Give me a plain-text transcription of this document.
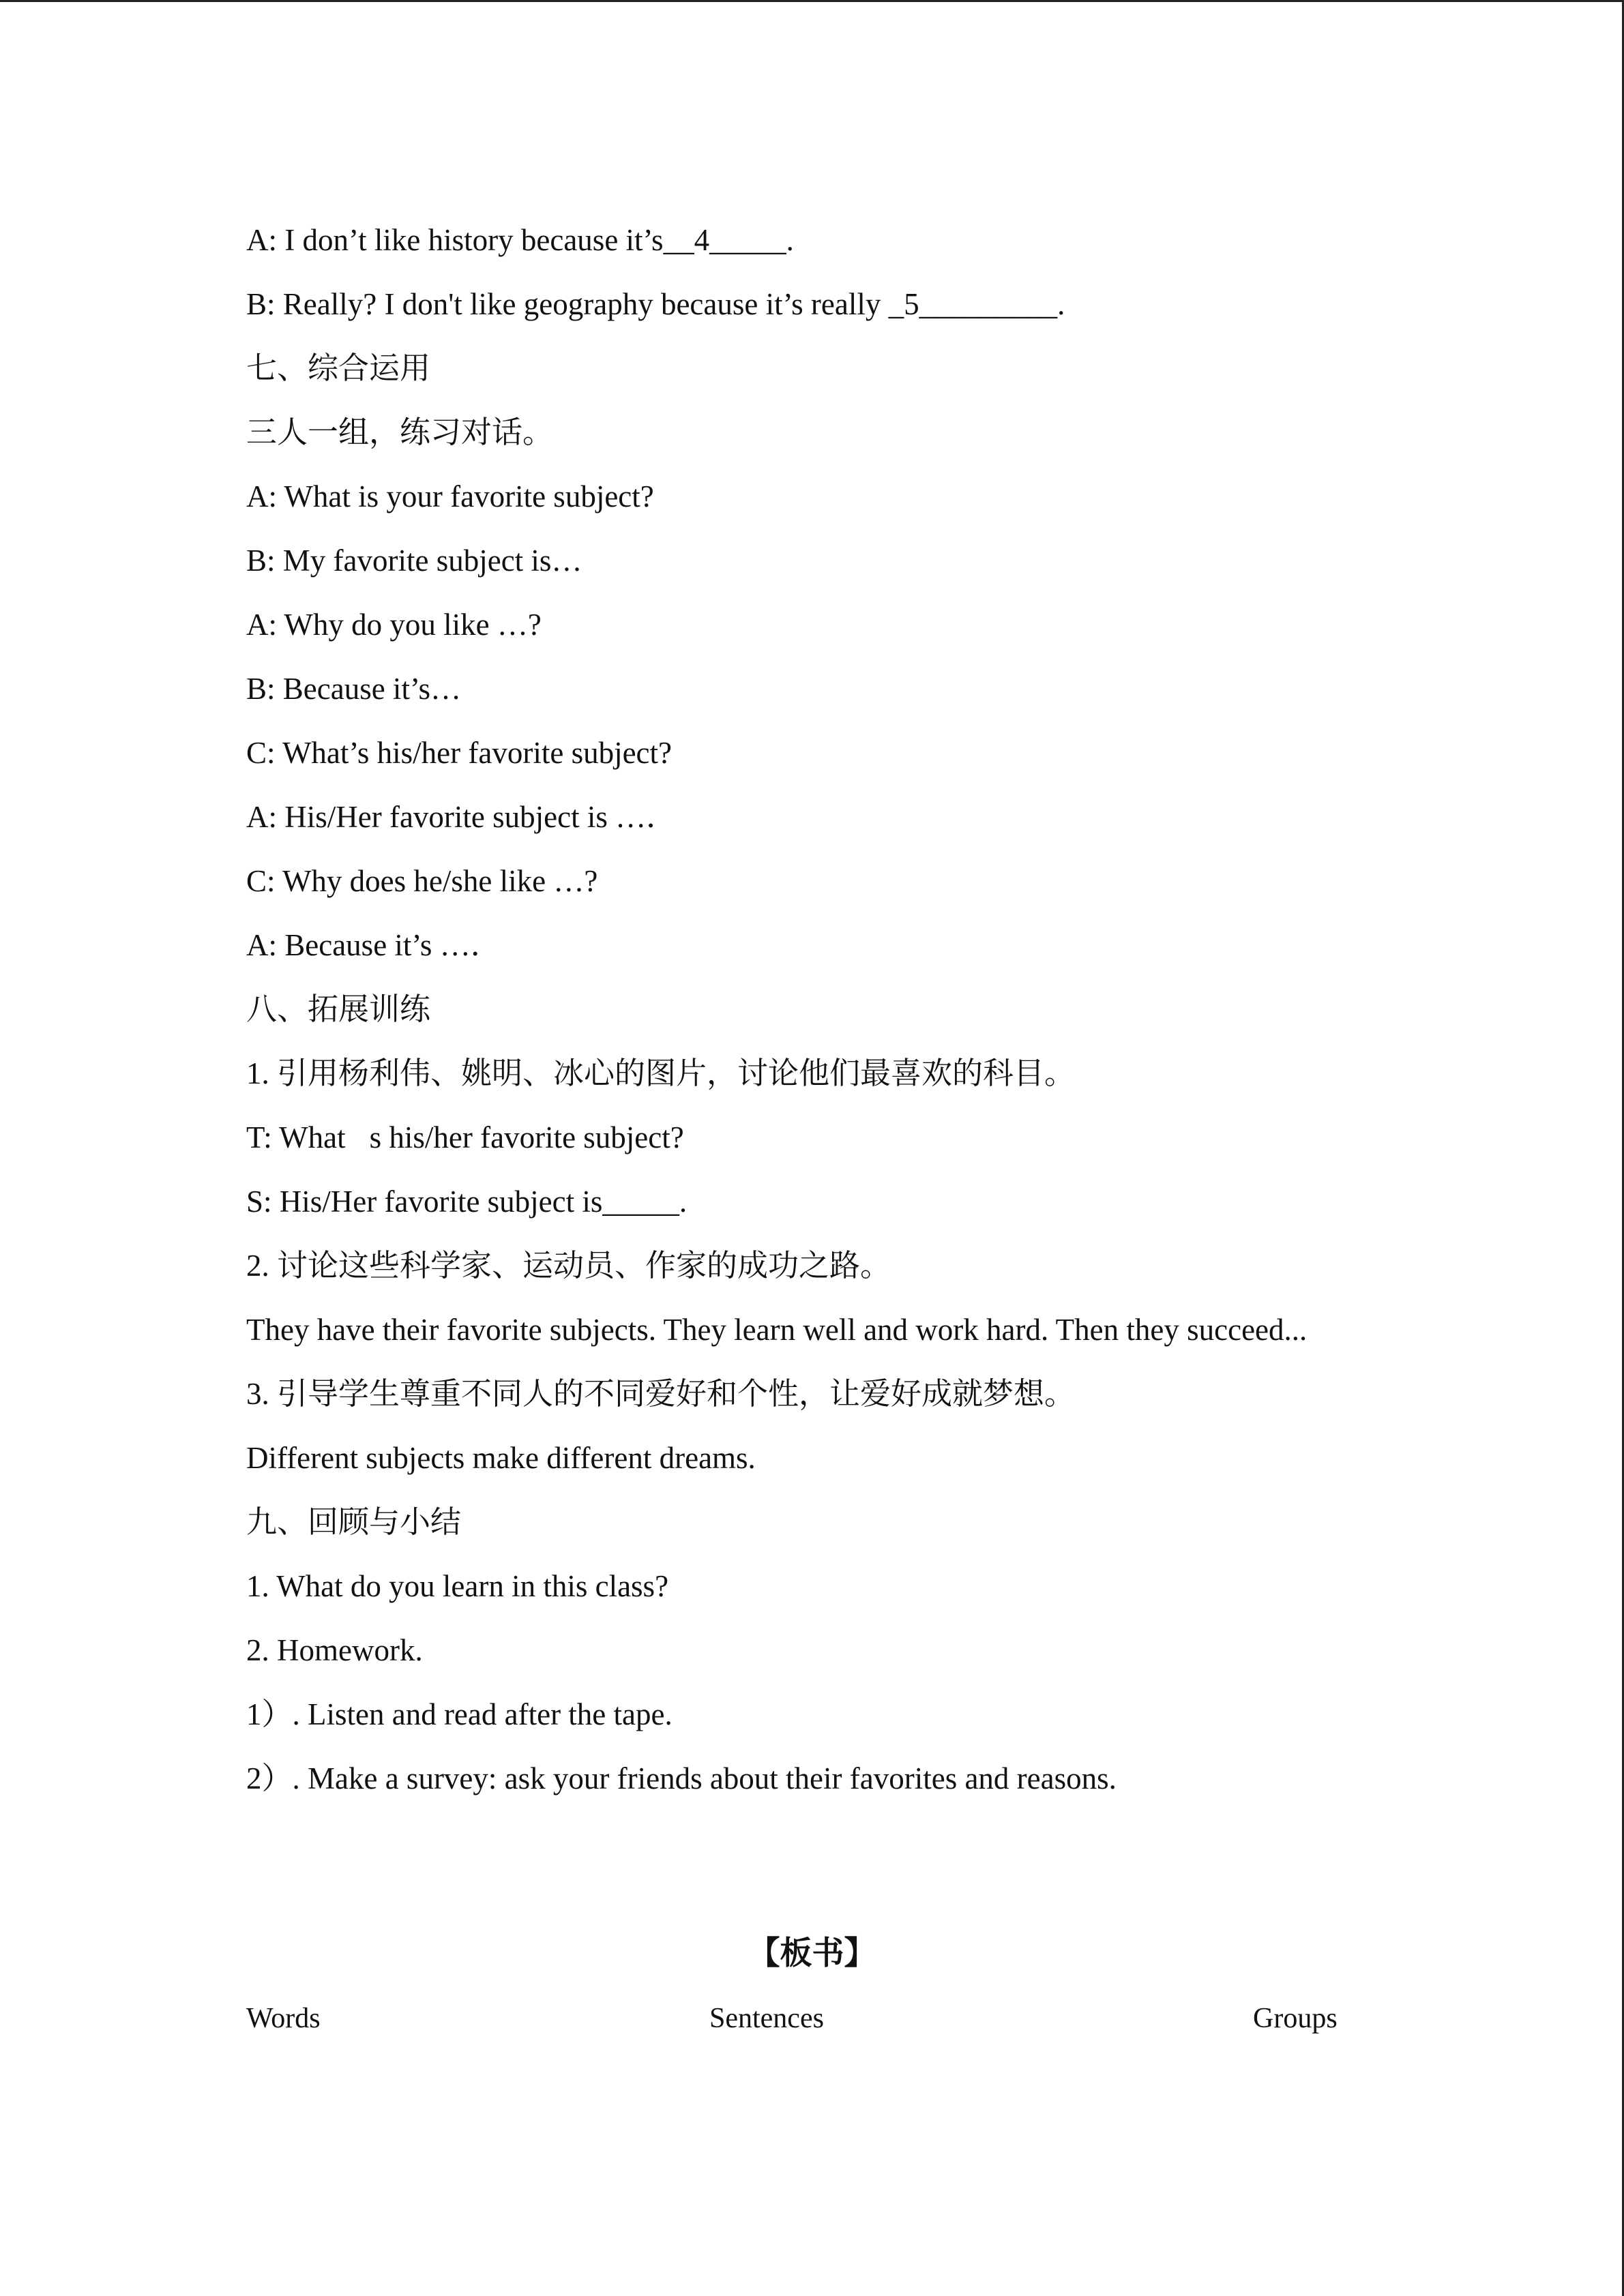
A: I don’t like history because it’s__4_____.
B: Really? I don't like geography because it’s really _5_________.
七、综合运用
三人一组，练习对话。
A: What is your favorite subject?
B: My favorite subject is…
A: Why do you like …?
B: Because it’s…
C: What’s his/her favorite subject?
A: His/Her favorite subject is …．
C: Why does he/she like …?
A: Because it’s …．
八、拓展训练
1. 引用杨利伟、姚明、冰心的图片，讨论他们最喜欢的科目。
T: What s his/her favorite subject?
S: His/Her favorite subject is_____.
2. 讨论这些科学家、运动员、作家的成功之路。
They have their favorite subjects. They learn well and work hard. Then they succeed...
3. 引导学生尊重不同人的不同爱好和个性，让爱好成就梦想。
Different subjects make different dreams.
九、回顾与小结
1. What do you learn in this class?
2. Homework.
1）. Listen and read after the tape.
2）. Make a survey: ask your friends about their favorites and reasons.
【板书】
Words	Sentences	Groups
